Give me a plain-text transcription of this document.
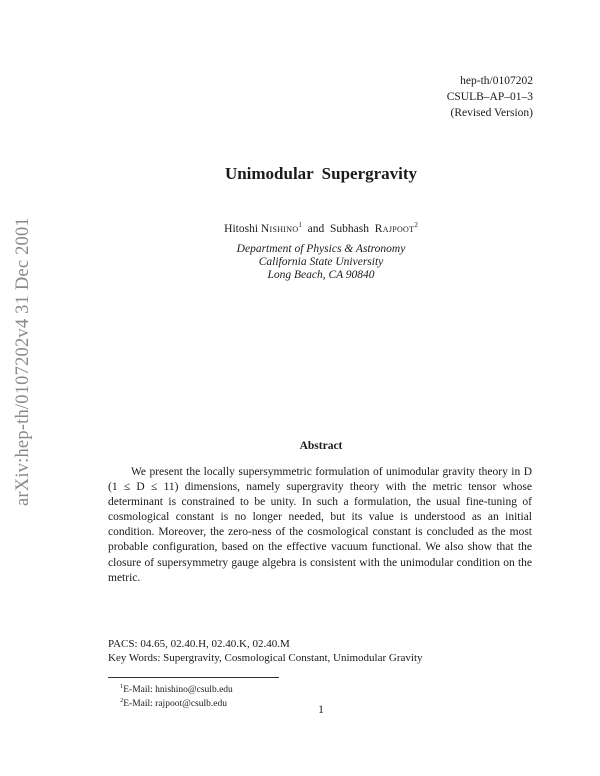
arXiv:hep-th/0107202v4 31 Dec 2001
hep-th/0107202
CSULB–AP–01–3
(Revised Version)
Unimodular Supergravity
Hitoshi Nishino$^1$ and Subhash Rajpoot$^2$
Department of Physics & Astronomy
California State University
Long Beach, CA 90840
Abstract

We present the locally supersymmetric formulation of unimodular gravity theory in D (1 ≤ D ≤ 11) dimensions, namely supergravity theory with the metric tensor whose determinant is constrained to be unity. In such a formulation, the usual fine-tuning of cosmological constant is no longer needed, but its value is understood as an initial condition. Moreover, the zero-ness of the cosmological constant is concluded as the most probable configuration, based on the effective vacuum functional. We also show that the closure of supersymmetry gauge algebra is consistent with the unimodular condition on the metric.

PACS: 04.65, 02.40.H, 02.40.K, 02.40.M
Key Words: Supergravity, Cosmological Constant, Unimodular Gravity
$^1$E-Mail: hnishino@csulb.edu
$^2$E-Mail: rajpoot@csulb.edu	1
